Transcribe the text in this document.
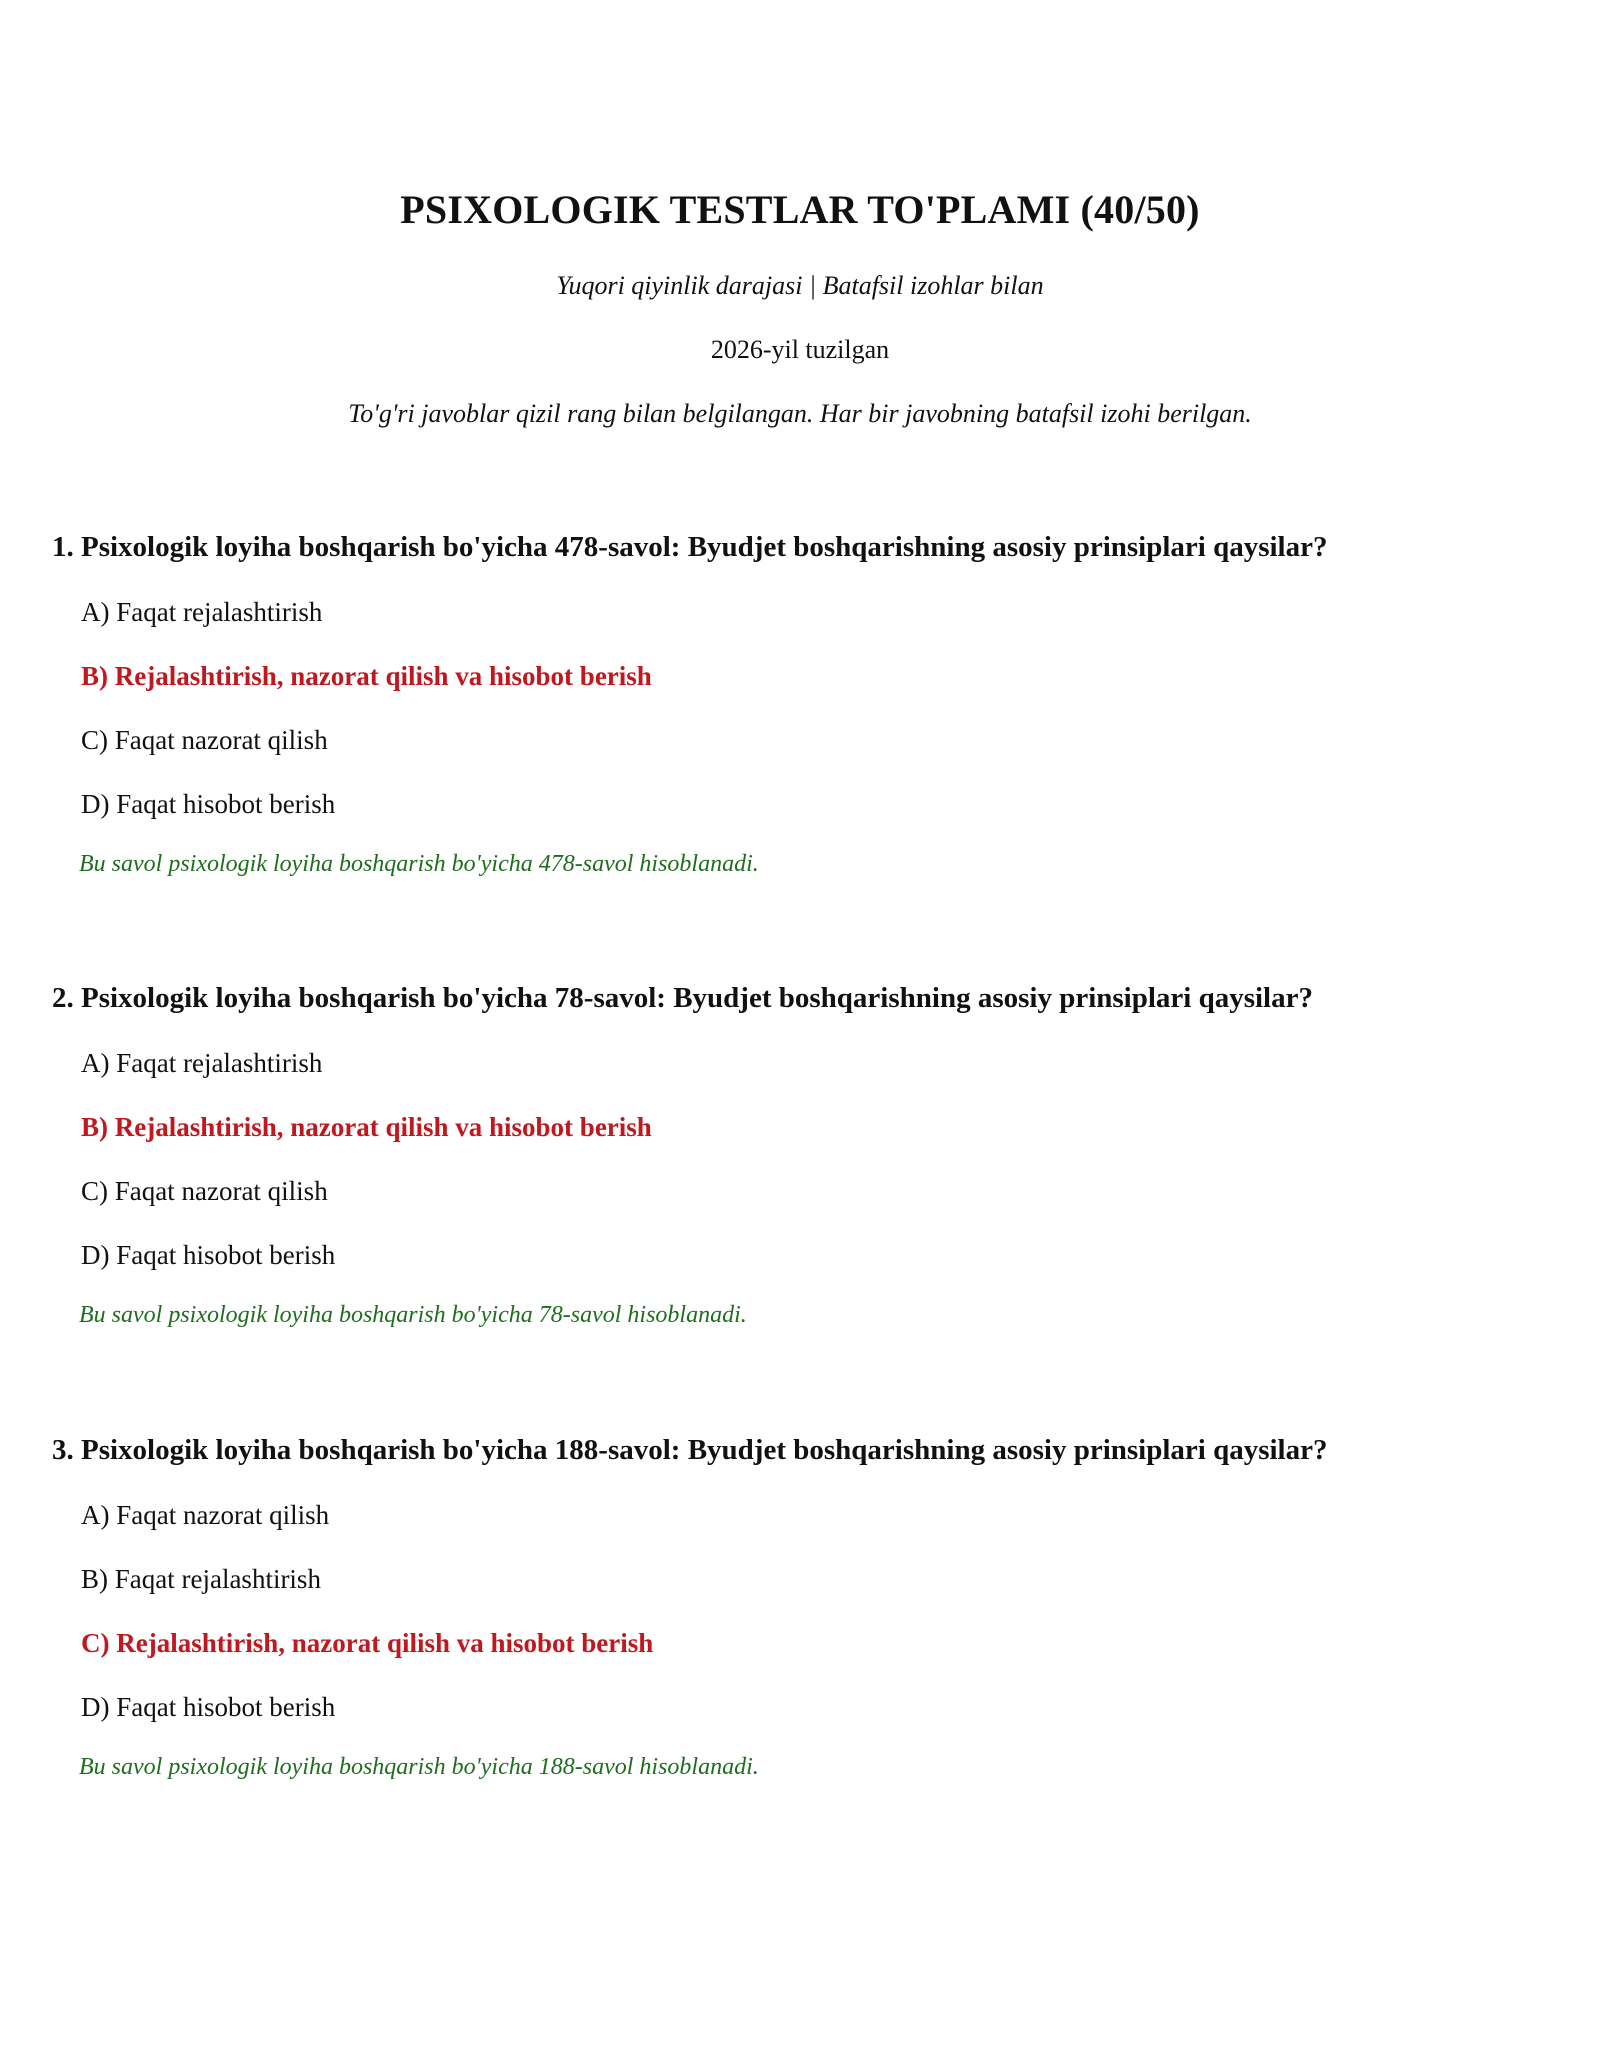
PSIXOLOGIK TESTLAR TO'PLAMI (40/50)
Yuqori qiyinlik darajasi | Batafsil izohlar bilan
2026-yil tuzilgan
To'g'ri javoblar qizil rang bilan belgilangan. Har bir javobning batafsil izohi berilgan.

1. Psixologik loyiha boshqarish bo'yicha 478-savol: Byudjet boshqarishning asosiy prinsiplari qaysilar?

A) Faqat rejalashtirish
B) Rejalashtirish, nazorat qilish va hisobot berish
C) Faqat nazorat qilish
D) Faqat hisobot berish
Bu savol psixologik loyiha boshqarish bo'yicha 478-savol hisoblanadi.

2. Psixologik loyiha boshqarish bo'yicha 78-savol: Byudjet boshqarishning asosiy prinsiplari qaysilar?

A) Faqat rejalashtirish
B) Rejalashtirish, nazorat qilish va hisobot berish
C) Faqat nazorat qilish
D) Faqat hisobot berish
Bu savol psixologik loyiha boshqarish bo'yicha 78-savol hisoblanadi.

3. Psixologik loyiha boshqarish bo'yicha 188-savol: Byudjet boshqarishning asosiy prinsiplari qaysilar?

A) Faqat nazorat qilish
B) Faqat rejalashtirish
C) Rejalashtirish, nazorat qilish va hisobot berish
D) Faqat hisobot berish
Bu savol psixologik loyiha boshqarish bo'yicha 188-savol hisoblanadi.
